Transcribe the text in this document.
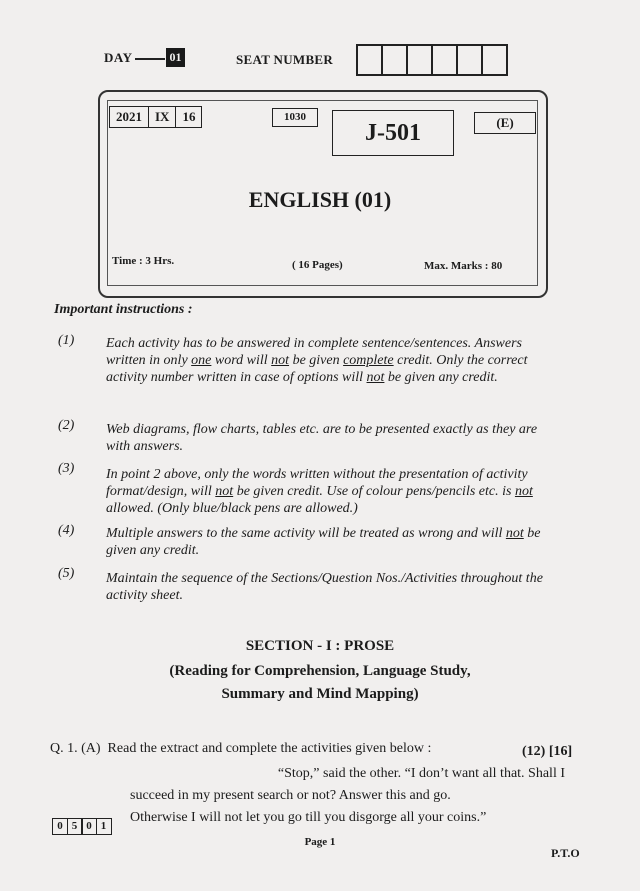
DAY	01	SEAT NUMBER
2021	IX	16	1030
J-501	(E)
ENGLISH (01)
Time : 3 Hrs.	( 16 Pages)	Max. Marks : 80
Important instructions :
(1) Each activity has to be answered in complete sentence/sentences. Answers written in only one word will not be given complete credit. Only the correct activity number written in case of options will not be given any credit.
(2) Web diagrams, flow charts, tables etc. are to be presented exactly as they are with answers.
(3) In point 2 above, only the words written without the presentation of activity format/design, will not be given credit. Use of colour pens/pencils etc. is not allowed. (Only blue/black pens are allowed.)
(4) Multiple answers to the same activity will be treated as wrong and will not be given any credit.
(5) Maintain the sequence of the Sections/Question Nos./Activities throughout the activity sheet.
SECTION - I : PROSE
(Reading for Comprehension, Language Study,
Summary and Mind Mapping)
Q. 1. (A) Read the extract and complete the activities given below :	(12) [16]
“Stop,” said the other. “I don’t want all that. Shall I
succeed in my present search or not? Answer this and go.
Otherwise I will not let you go till you disgorge all your coins.”
0 5 0 1
Page 1
P.T.O
